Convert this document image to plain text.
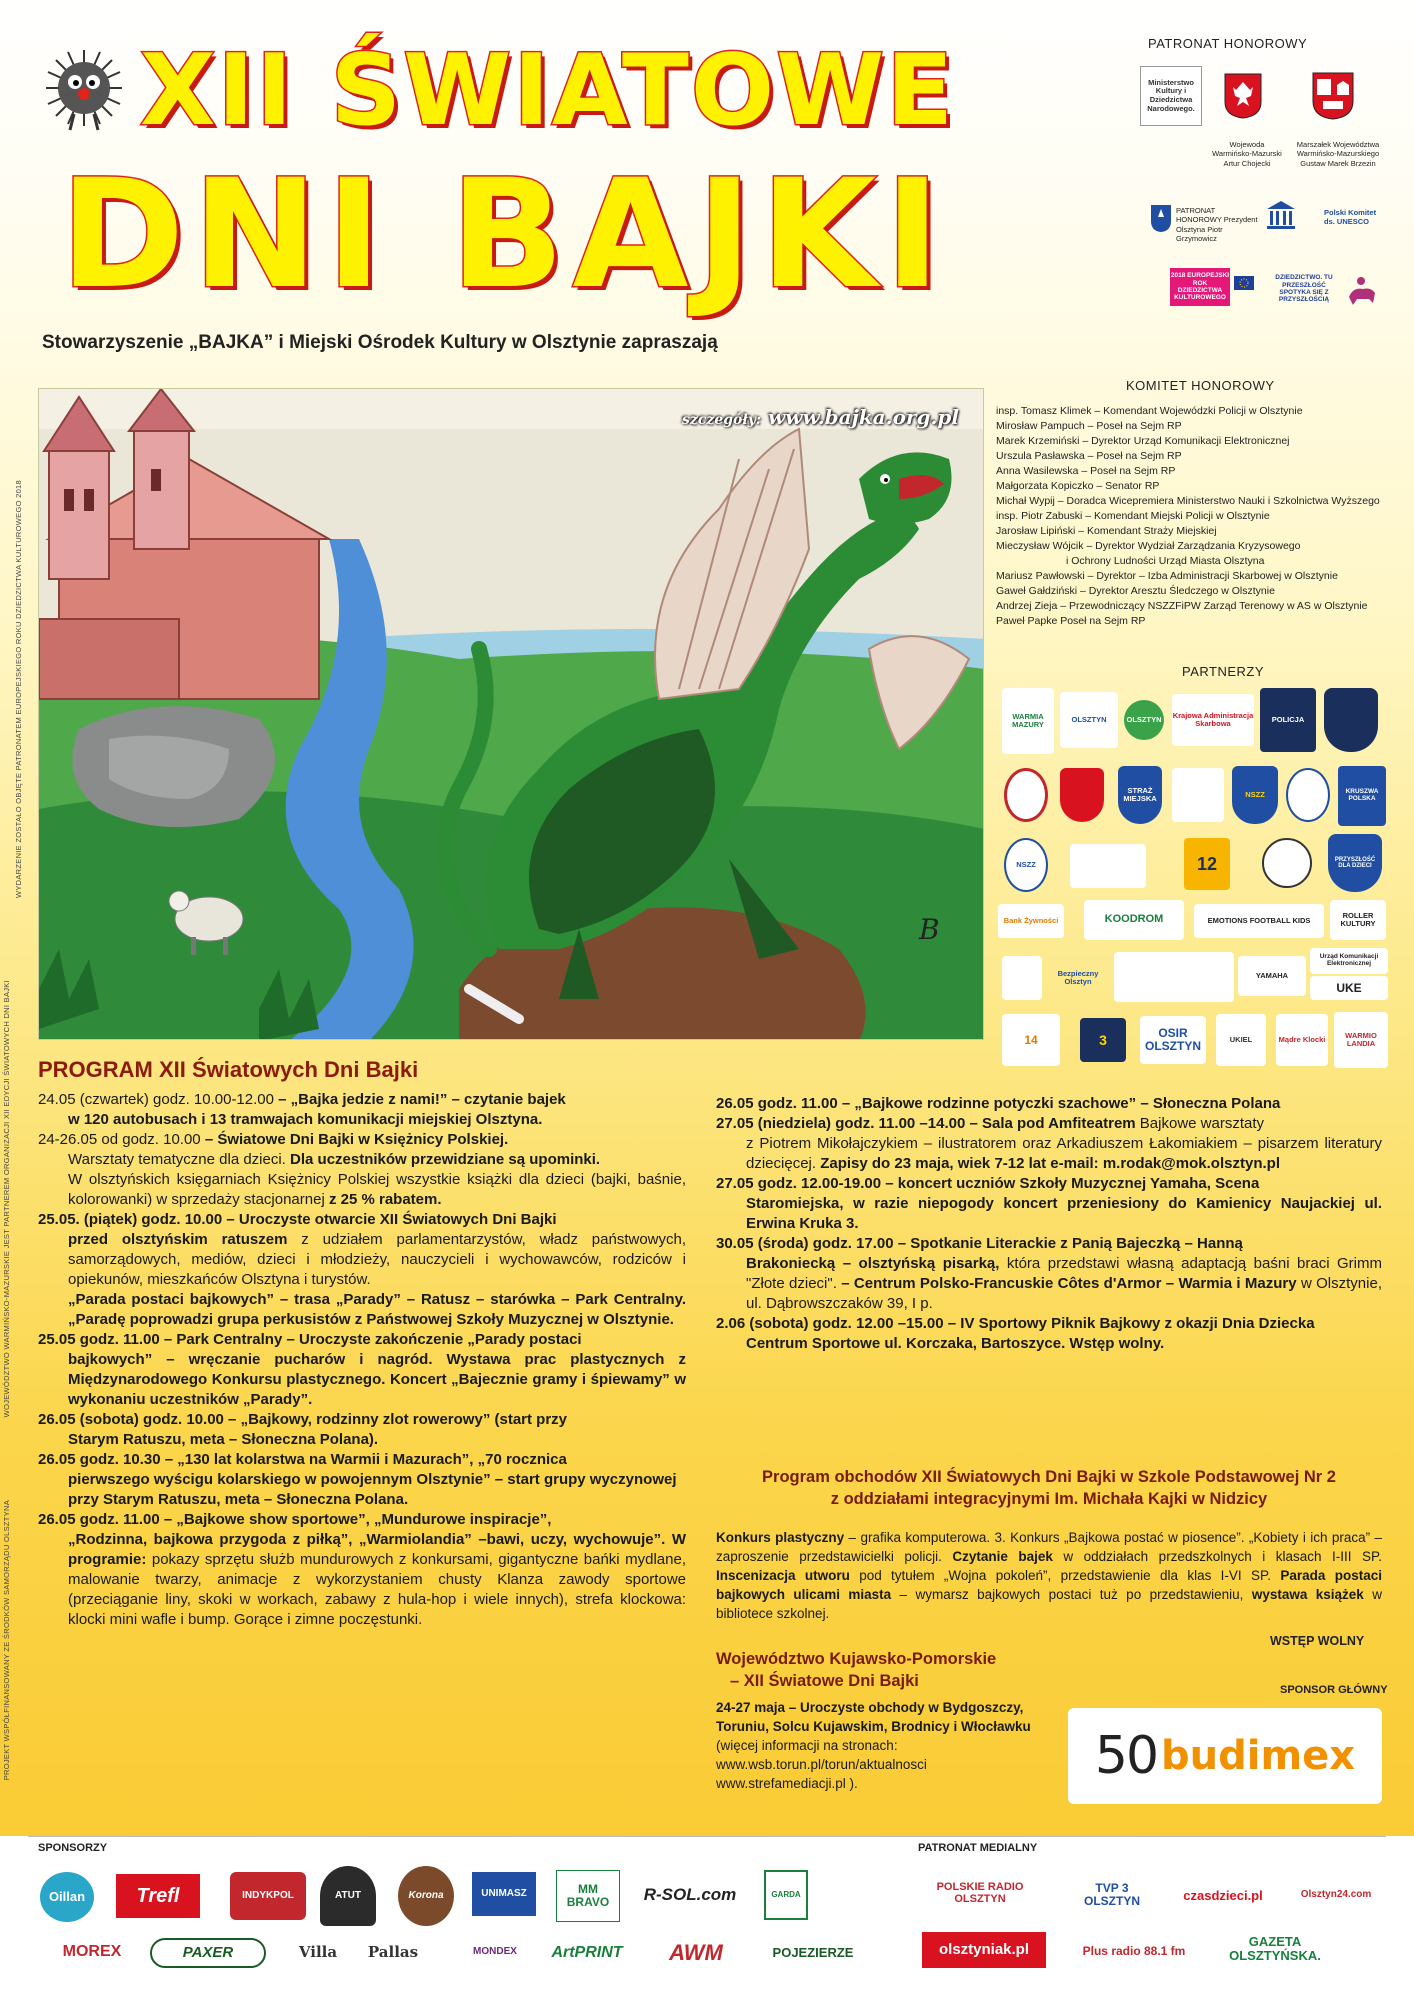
XII ŚWIATOWE
DNI BAJKI
Stowarzyszenie „BAJKA” i Miejski Ośrodek Kultury w Olsztynie zapraszają
PATRONAT HONOROWY
Ministerstwo Kultury i Dziedzictwa Narodowego.
Wojewoda Warmińsko-Mazurski Artur Chojecki
Marszałek Województwa Warmińsko-Mazurskiego Gustaw Marek Brzezin
PATRONAT HONOROWY Prezydent Olsztyna Piotr Grzymowicz
Polski Komitet ds. UNESCO
2018 EUROPEJSKI ROK DZIEDZICTWA KULTUROWEGO
DZIEDZICTWO. TU PRZESZŁOŚĆ SPOTYKA SIĘ Z PRZYSZŁOŚCIĄ
PROJEKT WSPÓŁFINANSOWANY ZE ŚRODKÓW SAMORZĄDU OLSZTYNA
WOJEWÓDZTWO WARMIŃSKO-MAZURSKIE JEST PARTNEREM ORGANIZACJI XII EDYCJI ŚWIATOWYCH DNI BAJKI
WYDARZENIE ZOSTAŁO OBJĘTE PATRONATEM EUROPEJSKIEGO ROKU DZIEDZICTWA KULTUROWEGO 2018
B
szczegóły: www.bajka.org.pl
KOMITET HONOROWY
insp. Tomasz Klimek – Komendant Wojewódzki Policji w Olsztynie
Mirosław Pampuch – Poseł na Sejm RP
Marek Krzemiński – Dyrektor Urząd Komunikacji Elektronicznej
Urszula Pasławska – Poseł na Sejm RP
Anna Wasilewska – Poseł na Sejm RP
Małgorzata Kopiczko – Senator RP
Michał Wypij – Doradca Wicepremiera Ministerstwo Nauki i Szkolnictwa Wyższego
insp. Piotr Zabuski – Komendant Miejski Policji w Olsztynie
Jarosław Lipiński – Komendant Straży Miejskiej
Mieczysław Wójcik – Dyrektor Wydział Zarządzania Kryzysowego
i Ochrony Ludności Urząd Miasta Olsztyna
Mariusz Pawłowski – Dyrektor – Izba Administracji Skarbowej w Olsztynie
Gaweł Gałdziński – Dyrektor Aresztu Śledczego w Olsztynie
Andrzej Zieja – Przewodniczący NSZZFiPW Zarząd Terenowy w AS w Olsztynie
Paweł Papke Poseł na Sejm RP
PARTNERZY
WARMIA MAZURY
OLSZTYN	OLSZTYN	Krajowa Administracja Skarbowa	POLICJA
STRAŻ MIEJSKA	NSZZ	KRUSZWA POLSKA
NSZZ	12	PRZYSZŁOŚĆ DLA DZIECI
Bank Żywności	KOODROM	EMOTIONS FOOTBALL KIDS
ROLLER KULTURY
Bezpieczny Olsztyn
YAMAHA
Urząd Komunikacji Elektronicznej
UKE
14	3	OSIR OLSZTYN	UKIEL	Mądre Klocki	WARMIO LANDIA
PROGRAM XII Światowych Dni Bajki

24.05 (czwartek) godz. 10.00-12.00 – „Bajka jedzie z nami!” – czytanie bajek

w 120 autobusach i 13 tramwajach komunikacji miejskiej Olsztyna.

24-26.05 od godz. 10.00 – Światowe Dni Bajki w Księżnicy Polskiej.

Warsztaty tematyczne dla dzieci. Dla uczestników przewidziane są upominki.

W olsztyńskich księgarniach Księżnicy Polskiej wszystkie książki dla dzieci (bajki, baśnie, kolorowanki) w sprzedaży stacjonarnej z 25 % rabatem.

25.05. (piątek) godz. 10.00 – Uroczyste otwarcie XII Światowych Dni Bajki

przed olsztyńskim ratuszem z udziałem parlamentarzystów, władz państwowych, samorządowych, mediów, dzieci i młodzieży, nauczycieli i wychowawców, rodziców i opiekunów, mieszkańców Olsztyna i turystów.

„Parada postaci bajkowych” – trasa „Parady” – Ratusz – starówka – Park Centralny. „Paradę poprowadzi grupa perkusistów z Państwowej Szkoły Muzycznej w Olsztynie.

25.05 godz. 11.00 – Park Centralny – Uroczyste zakończenie „Parady postaci

bajkowych” – wręczanie pucharów i nagród. Wystawa prac plastycznych z Międzynarodowego Konkursu plastycznego. Koncert „Bajecznie gramy i śpiewamy” w wykonaniu uczestników „Parady”.

26.05 (sobota) godz. 10.00 – „Bajkowy, rodzinny zlot rowerowy” (start przy

Starym Ratuszu, meta – Słoneczna Polana).

26.05 godz. 10.30 – „130 lat kolarstwa na Warmii i Mazurach”, „70 rocznica

pierwszego wyścigu kolarskiego w powojennym Olsztynie” – start grupy wyczynowej przy Starym Ratuszu, meta – Słoneczna Polana.

26.05 godz. 11.00 – „Bajkowe show sportowe”, „Mundurowe inspiracje”,

„Rodzinna, bajkowa przygoda z piłką”, „Warmiolandia” –bawi, uczy, wychowuje”. W programie: pokazy sprzętu służb mundurowych z konkursami, gigantyczne bańki mydlane, malowanie twarzy, animacje z wykorzystaniem chusty Klanza zawody sportowe (przeciąganie liny, skoki w workach, zabawy z hula-hop i wiele innych), strefa klockowa: klocki mini wafle i bump. Gorące i zimne poczęstunki.

26.05 godz. 11.00 – „Bajkowe rodzinne potyczki szachowe” – Słoneczna Polana

27.05 (niedziela) godz. 11.00 –14.00 – Sala pod Amfiteatrem Bajkowe warsztaty

z Piotrem Mikołajczykiem – ilustratorem oraz Arkadiuszem Łakomiakiem – pisarzem literatury dziecięcej. Zapisy do 23 maja, wiek 7-12 lat e-mail: m.rodak@mok.olsztyn.pl

27.05 godz. 12.00-19.00 – koncert uczniów Szkoły Muzycznej Yamaha, Scena

Staromiejska, w razie niepogody koncert przeniesiony do Kamienicy Naujackiej ul. Erwina Kruka 3.

30.05 (środa) godz. 17.00 – Spotkanie Literackie z Panią Bajeczką – Hanną

Brakoniecką – olsztyńską pisarką, która przedstawi własną adaptacją baśni braci Grimm "Złote dzieci". – Centrum Polsko-Francuskie Côtes d'Armor – Warmia i Mazury w Olsztynie, ul. Dąbrowszczaków 39, I p.

2.06 (sobota) godz. 12.00 –15.00 – IV Sportowy Piknik Bajkowy z okazji Dnia Dziecka

Centrum Sportowe ul. Korczaka, Bartoszyce. Wstęp wolny.

Program obchodów XII Światowych Dni Bajki w Szkole Podstawowej Nr 2
z oddziałami integracyjnymi Im. Michała Kajki w Nidzicy
Konkurs plastyczny – grafika komputerowa. 3. Konkurs „Bajkowa postać w piosence”. „Kobiety i ich praca” – zaproszenie przedstawicielki policji. Czytanie bajek w oddziałach przedszkolnych i klasach I-III SP. Inscenizacja utworu pod tytułem „Wojna pokoleń”, przedstawienie dla klas I-VI SP. Parada postaci bajkowych ulicami miasta – wymarsz bajkowych postaci tuż po przedstawieniu, wystawa książek w bibliotece szkolnej.
WSTĘP WOLNY
Województwo Kujawsko-Pomorskie
– XII Światowe Dni Bajki
24-27 maja – Uroczyste obchody w Bydgoszczy,
Toruniu, Solcu Kujawskim, Brodnicy i Włocławku
(więcej informacji na stronach:
www.wsb.torun.pl/torun/aktualnosci
www.strefamediacji.pl ).
SPONSOR GŁÓWNY
50 budimex
SPONSORZY	PATRONAT MEDIALNY
Oillan	Trefl	INDYKPOL	ATUT	Korona	UNIMASZ	MM BRAVO	R-SOL.com	GARDA
MOREX	PAXER	Villa	Pallas	MONDEX	ArtPRINT	AWM	POJEZIERZE
POLSKIE RADIO OLSZTYN
TVP 3 OLSZTYN	czasdzieci.pl	Olsztyn24.com
olsztyniak.pl	Plus radio 88.1 fm
GAZETA OLSZTYŃSKA.
